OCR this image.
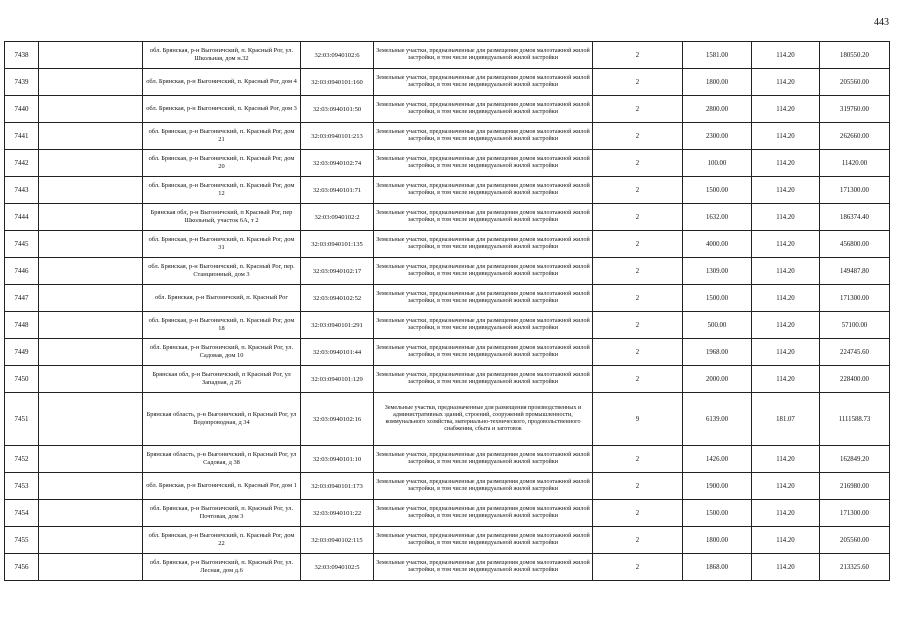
443
7438		обл. Брянская, р-н Выгоничский, п. Красный Рог, ул. Школьная, дом н.32	32:03:0940102:6	Земельные участки, предназначенные для размещения домов малоэтажной жилой застройки, в том числе индивидуальной жилой застройки	2	1581.00	114.20	180550.20
7439		обл. Брянская, р-н Выгоничский, п. Красный Рог, дом 4	32:03:0940101:160	Земельные участки, предназначенные для размещения домов малоэтажной жилой застройки, в том числе индивидуальной жилой застройки	2	1800.00	114.20	205560.00
7440		обл. Брянская, р-н Выгоничский, п. Красный Рог, дом 3	32:03:0940101:50	Земельные участки, предназначенные для размещения домов малоэтажной жилой застройки, в том числе индивидуальной жилой застройки	2	2800.00	114.20	319760.00
7441		обл. Брянская, р-н Выгоничский, п. Красный Рог, дом 21	32:03:0940101:213	Земельные участки, предназначенные для размещения домов малоэтажной жилой застройки, в том числе индивидуальной жилой застройки	2	2300.00	114.20	262660.00
7442		обл. Брянская, р-н Выгоничский, п. Красный Рог, дом 20	32:03:0940102:74	Земельные участки, предназначенные для размещения домов малоэтажной жилой застройки, в том числе индивидуальной жилой застройки	2	100.00	114.20	11420.00
7443		обл. Брянская, р-н Выгоничский, п. Красный Рог, дом 12	32:03:0940101:71	Земельные участки, предназначенные для размещения домов малоэтажной жилой застройки, в том числе индивидуальной жилой застройки	2	1500.00	114.20	171300.00
7444		Брянская обл, р-н Выгоничский, п Красный Рог, пер Школьный, участок 6А, т 2	32:03:0940102:2	Земельные участки, предназначенные для размещения домов малоэтажной жилой застройки, в том числе индивидуальной жилой застройки	2	1632.00	114.20	186374.40
7445		обл. Брянская, р-н Выгоничский, п. Красный Рог, дом 31	32:03:0940101:135	Земельные участки, предназначенные для размещения домов малоэтажной жилой застройки, в том числе индивидуальной жилой застройки	2	4000.00	114.20	456800.00
7446		обл. Брянская, р-н Выгоничский, п. Красный Рог, пер. Станционный, дом 3	32:03:0940102:17	Земельные участки, предназначенные для размещения домов малоэтажной жилой застройки, в том числе индивидуальной жилой застройки	2	1309.00	114.20	149487.80
7447		обл. Брянская, р-н Выгоничский, п. Красный Рог	32:03:0940102:52	Земельные участки, предназначенные для размещения домов малоэтажной жилой застройки, в том числе индивидуальной жилой застройки	2	1500.00	114.20	171300.00
7448		обл. Брянская, р-н Выгоничский, п. Красный Рог, дом 18	32:03:0940101:291	Земельные участки, предназначенные для размещения домов малоэтажной жилой застройки, в том числе индивидуальной жилой застройки	2	500.00	114.20	57100.00
7449		обл. Брянская, р-н Выгоничский, п. Красный Рог, ул. Садовая, дом 10	32:03:0940101:44	Земельные участки, предназначенные для размещения домов малоэтажной жилой застройки, в том числе индивидуальной жилой застройки	2	1968.00	114.20	224745.60
7450		Брянская обл, р-н Выгоничский, п Красный Рог, ул Западная, д 26	32:03:0940101:129	Земельные участки, предназначенные для размещения домов малоэтажной жилой застройки, в том числе индивидуальной жилой застройки	2	2000.00	114.20	228400.00
7451		Брянская область, р-н Выгоничский, п Красный Рог, ул Водопроводная, д 34	32:03:0940102:16	Земельные участки, предназначенные для размещения производственных и административных зданий, строений, сооружений промышленности, коммунального хозяйства, материально-технического, продовольственного снабжения, сбыта и заготовок	9	6139.00	181.07	1111588.73
7452		Брянская область, р-н Выгоничский, п Красный Рог, ул Садовая, д 38	32:03:0940101:10	Земельные участки, предназначенные для размещения домов малоэтажной жилой застройки, в том числе индивидуальной жилой застройки	2	1426.00	114.20	162849.20
7453		обл. Брянская, р-н Выгоничский, п. Красный Рог, дом 1	32:03:0940101:173	Земельные участки, предназначенные для размещения домов малоэтажной жилой застройки, в том числе индивидуальной жилой застройки	2	1900.00	114.20	216980.00
7454		обл. Брянская, р-н Выгоничский, п. Красный Рог, ул. Почтовая, дом 3	32:03:0940101:22	Земельные участки, предназначенные для размещения домов малоэтажной жилой застройки, в том числе индивидуальной жилой застройки	2	1500.00	114.20	171300.00
7455		обл. Брянская, р-н Выгоничский, п. Красный Рог, дом 22	32:03:0940102:115	Земельные участки, предназначенные для размещения домов малоэтажной жилой застройки, в том числе индивидуальной жилой застройки	2	1800.00	114.20	205560.00
7456		обл. Брянская, р-н Выгоничский, п. Красный Рог, ул. Лесная, дом д.6	32:03:0940102:5	Земельные участки, предназначенные для размещения домов малоэтажной жилой застройки, в том числе индивидуальной жилой застройки	2	1868.00	114.20	213325.60
